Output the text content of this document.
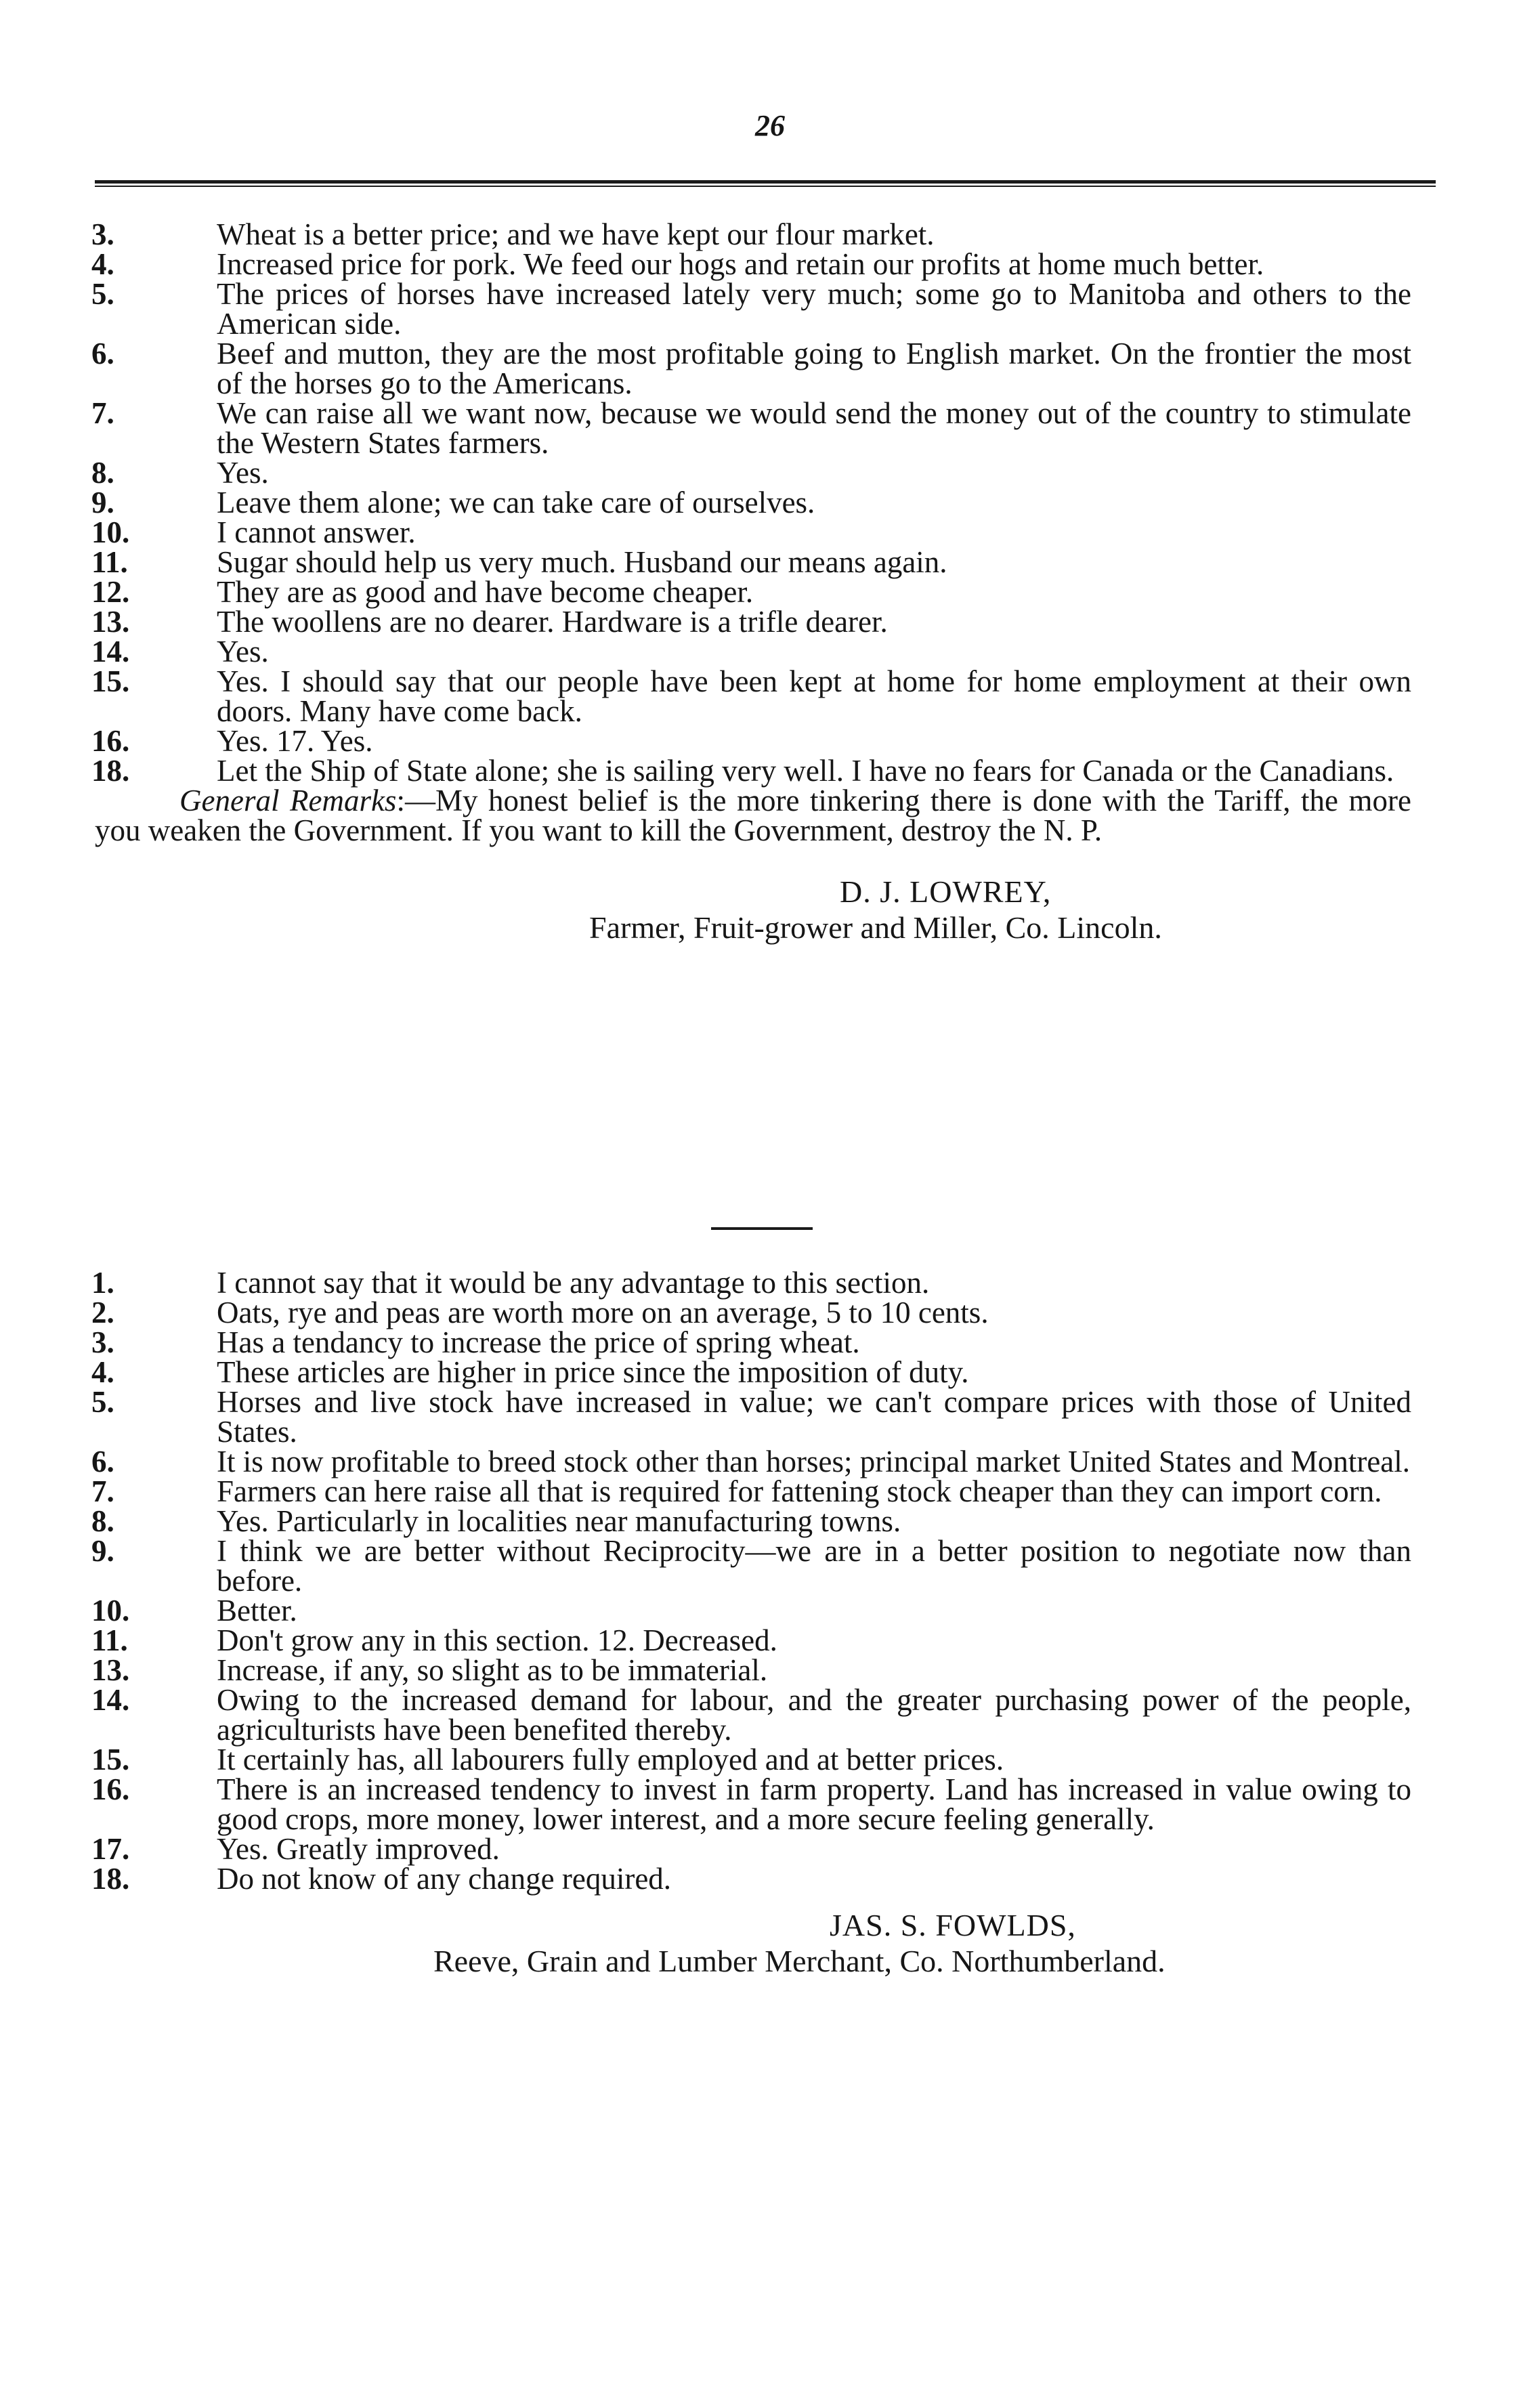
26
3.	Wheat is a better price; and we have kept our flour market.
4.	Increased price for pork. We feed our hogs and retain our profits at home much better.
5.	The prices of horses have increased lately very much; some go to Manitoba and others to the American side.
6.	Beef and mutton, they are the most profitable going to English market. On the frontier the most of the horses go to the Americans.
7.	We can raise all we want now, because we would send the money out of the country to stimulate the Western States farmers.
8.	Yes.
9.	Leave them alone; we can take care of ourselves.
10.	I cannot answer.
11.	Sugar should help us very much. Husband our means again.
12.	They are as good and have become cheaper.
13.	The woollens are no dearer. Hardware is a trifle dearer.
14.	Yes.
15.	Yes. I should say that our people have been kept at home for home employment at their own doors. Many have come back.
16.	Yes. 17. Yes.
18.	Let the Ship of State alone; she is sailing very well. I have no fears for Canada or the Canadians.
General Remarks:—My honest belief is the more tinkering there is done with the Tariff, the more you weaken the Government. If you want to kill the Government, destroy the N. P.
D. J. LOWREY,
Farmer, Fruit-grower and Miller, Co. Lincoln.
1.	I cannot say that it would be any advantage to this section.
2.	Oats, rye and peas are worth more on an average, 5 to 10 cents.
3.	Has a tendancy to increase the price of spring wheat.
4.	These articles are higher in price since the imposition of duty.
5.	Horses and live stock have increased in value; we can't compare prices with those of United States.
6.	It is now profitable to breed stock other than horses; principal market United States and Montreal.
7.	Farmers can here raise all that is required for fattening stock cheaper than they can import corn.
8.	Yes. Particularly in localities near manufacturing towns.
9.	I think we are better without Reciprocity—we are in a better position to negotiate now than before.
10.	Better.
11.	Don't grow any in this section. 12. Decreased.
13.	Increase, if any, so slight as to be immaterial.
14.	Owing to the increased demand for labour, and the greater purchasing power of the people, agriculturists have been benefited thereby.
15.	It certainly has, all labourers fully employed and at better prices.
16.	There is an increased tendency to invest in farm property. Land has increased in value owing to good crops, more money, lower interest, and a more secure feeling generally.
17.	Yes. Greatly improved.
18.	Do not know of any change required.
JAS. S. FOWLDS,
Reeve, Grain and Lumber Merchant, Co. Northumberland.
